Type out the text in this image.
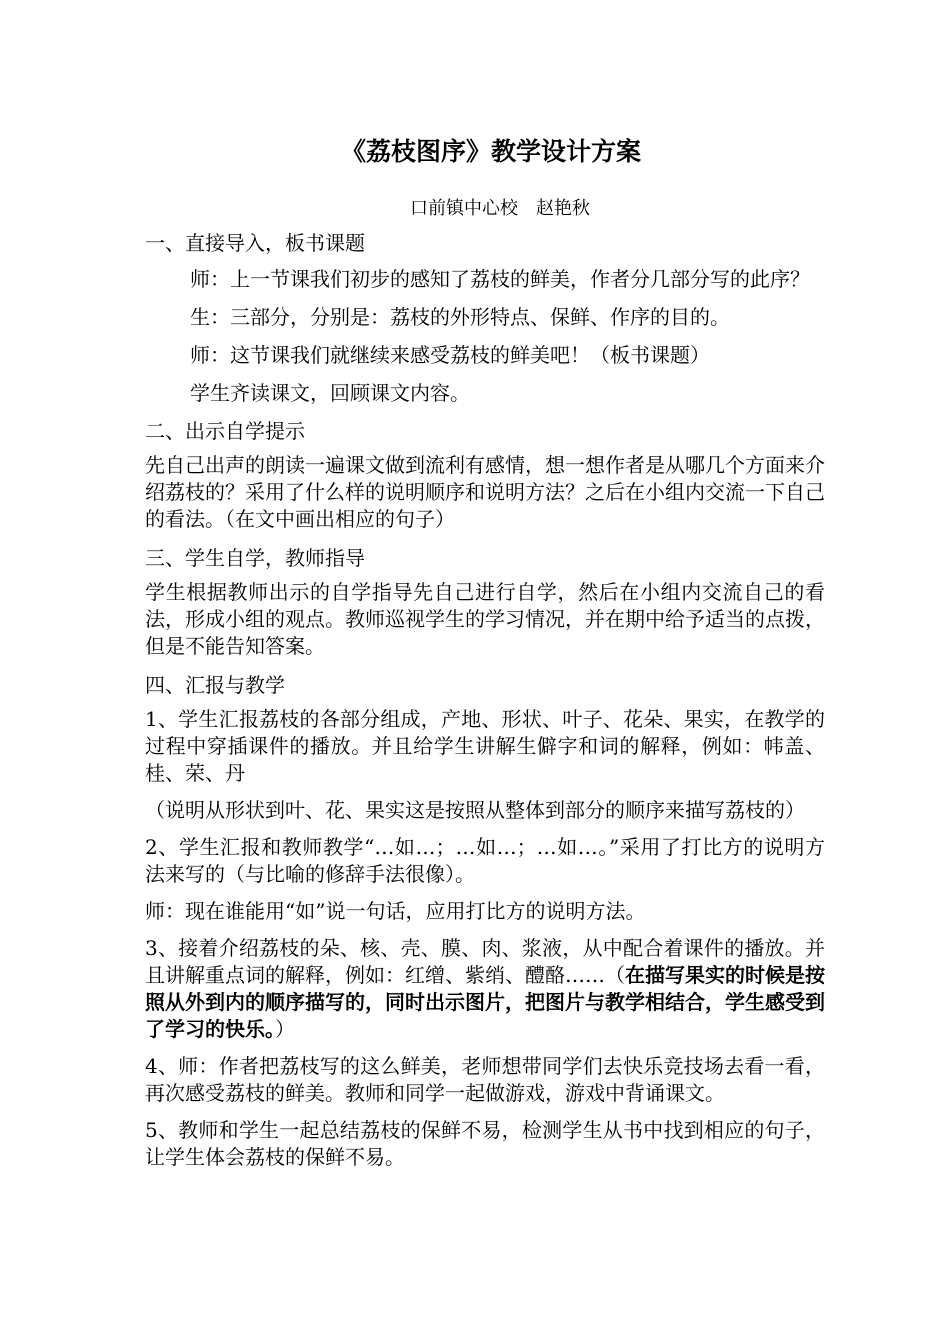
《荔枝图序》教学设计方案
口前镇中心校　赵艳秋
一、直接导入，板书课题
师：上一节课我们初步的感知了荔枝的鲜美，作者分几部分写的此序？
生：三部分，分别是：荔枝的外形特点、保鲜、作序的目的。
师：这节课我们就继续来感受荔枝的鲜美吧！（板书课题）
学生齐读课文，回顾课文内容。
二、出示自学提示
先自己出声的朗读一遍课文做到流利有感情，想一想作者是从哪几个方面来介绍荔枝的？采用了什么样的说明顺序和说明方法？之后在小组内交流一下自己的看法。（在文中画出相应的句子）
三、学生自学，教师指导
学生根据教师出示的自学指导先自己进行自学，然后在小组内交流自己的看法，形成小组的观点。教师巡视学生的学习情况，并在期中给予适当的点拨，但是不能告知答案。
四、汇报与教学
1、学生汇报荔枝的各部分组成，产地、形状、叶子、花朵、果实，在教学的过程中穿插课件的播放。并且给学生讲解生僻字和词的解释，例如：帏盖、桂、荣、丹
（说明从形状到叶、花、果实这是按照从整体到部分的顺序来描写荔枝的）
2、学生汇报和教师教学“…如…；…如…；…如…。”采用了打比方的说明方法来写的（与比喻的修辞手法很像）。
师：现在谁能用“如”说一句话，应用打比方的说明方法。
3、接着介绍荔枝的朵、核、壳、膜、肉、浆液，从中配合着课件的播放。并且讲解重点词的解释，例如：红缯、紫绡、醴酪……（在描写果实的时候是按照从外到内的顺序描写的，同时出示图片，把图片与教学相结合，学生感受到了学习的快乐。）
4、师：作者把荔枝写的这么鲜美，老师想带同学们去快乐竞技场去看一看，再次感受荔枝的鲜美。教师和同学一起做游戏，游戏中背诵课文。
5、教师和学生一起总结荔枝的保鲜不易，检测学生从书中找到相应的句子，让学生体会荔枝的保鲜不易。
